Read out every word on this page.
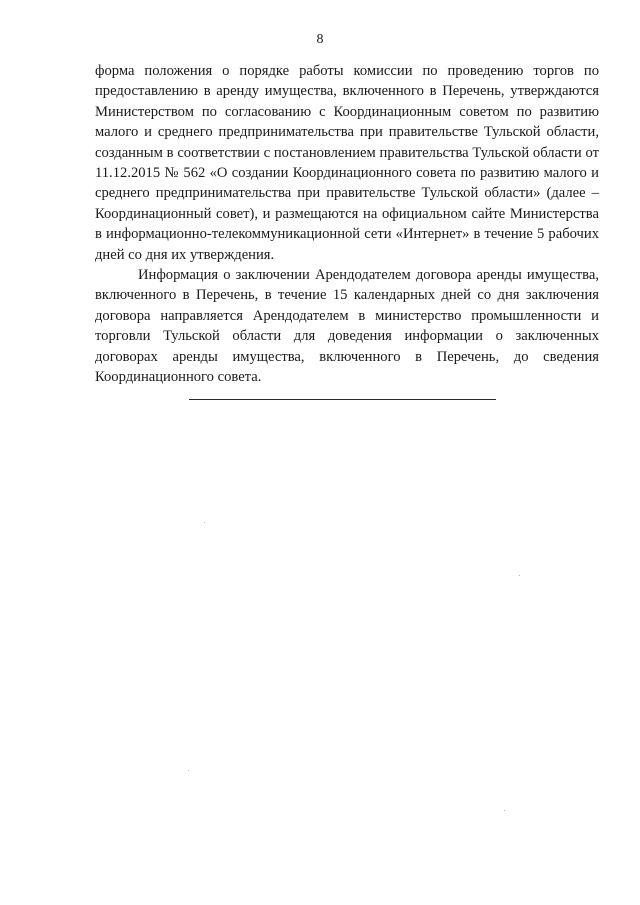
8

форма положения о порядке работы комиссии по проведению торгов по предоставлению в аренду имущества, включенного в Перечень, утверждаются Министерством по согласованию с Координационным советом по развитию малого и среднего предпринимательства при правительстве Тульской области, созданным в соответствии с постановлением правительства Тульской области от 11.12.2015 № 562 «О создании Координационного совета по развитию малого и среднего предпринимательства при правительстве Тульской области» (далее – Координационный совет), и размещаются на официальном сайте Министерства в информационно-телекоммуникационной сети «Интернет» в течение 5 рабочих дней со дня их утверждения.

Информация о заключении Арендодателем договора аренды имущества, включенного в Перечень, в течение 15 календарных дней со дня заключения договора направляется Арендодателем в министерство промышленности и торговли Тульской области для доведения информации о заключенных договорах аренды имущества, включенного в Перечень, до сведения Координационного совета.
